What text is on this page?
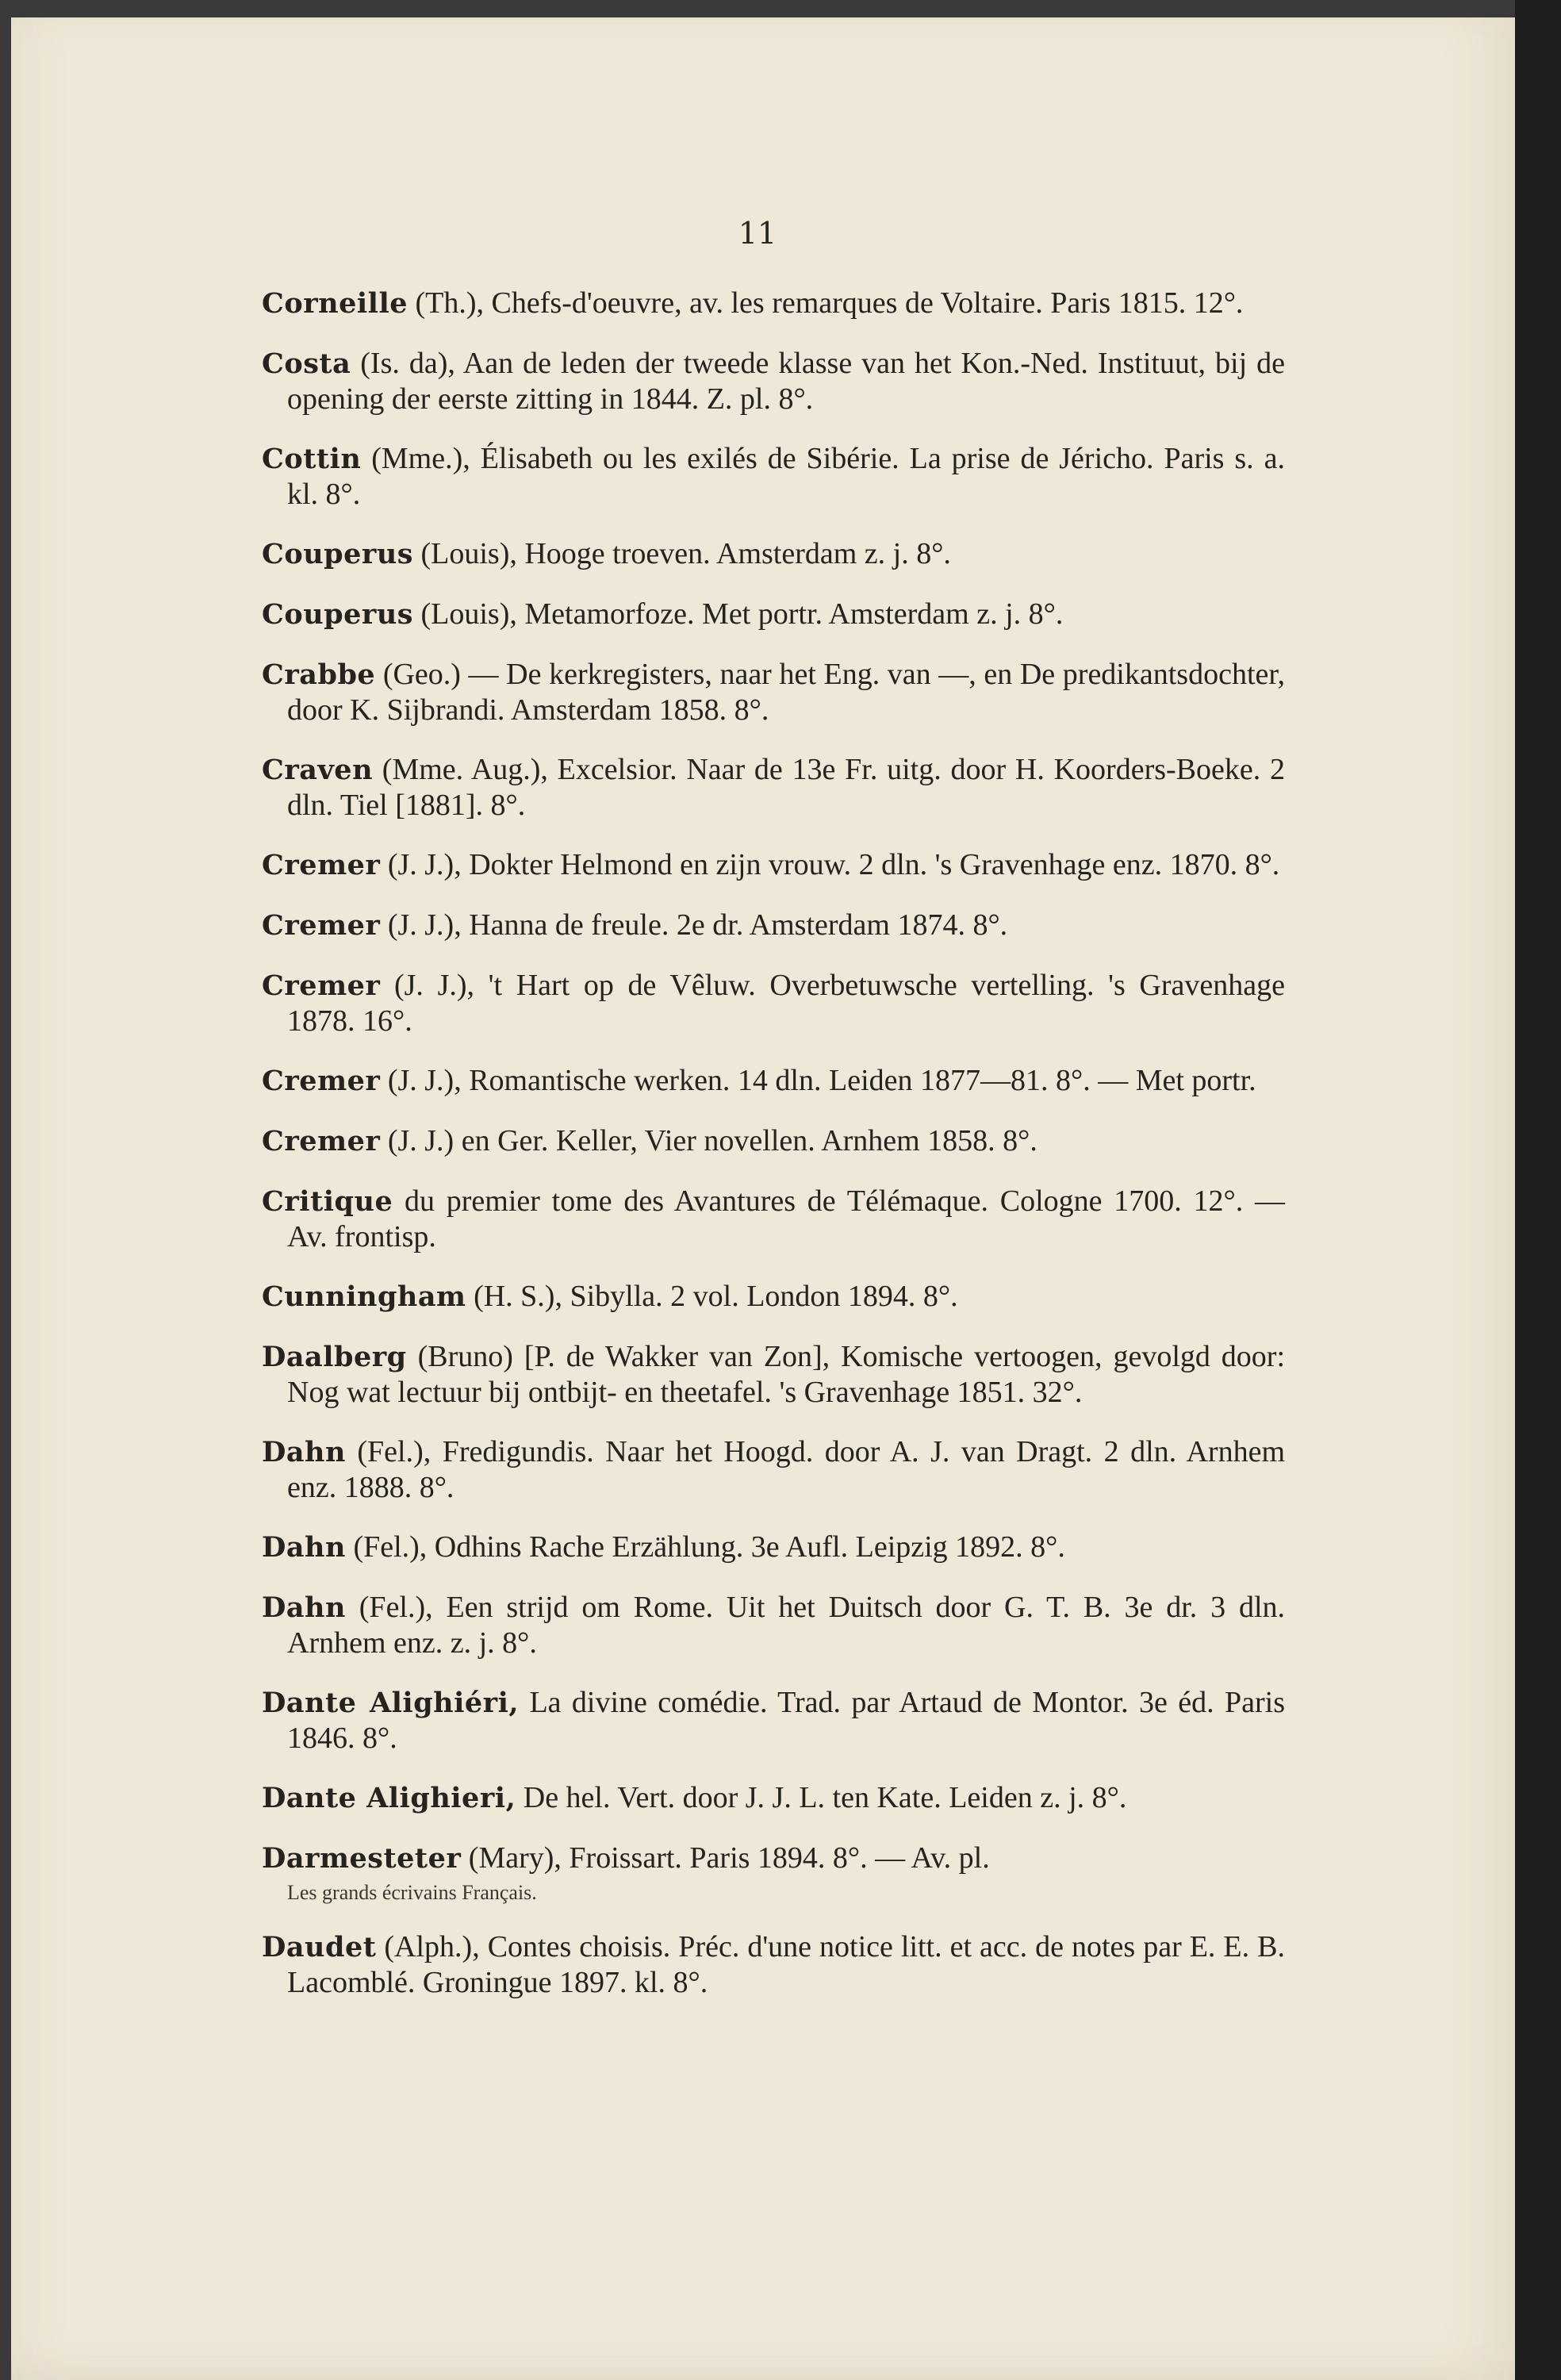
11
Corneille (Th.), Chefs-d'oeuvre, av. les remarques de Voltaire. Paris 1815. 12°.
Costa (Is. da), Aan de leden der tweede klasse van het Kon.-Ned. Instituut, bij de opening der eerste zitting in 1844. Z. pl. 8°.
Cottin (Mme.), Élisabeth ou les exilés de Sibérie. La prise de Jéricho. Paris s. a. kl. 8°.
Couperus (Louis), Hooge troeven. Amsterdam z. j. 8°.
Couperus (Louis), Metamorfoze. Met portr. Amsterdam z. j. 8°.
Crabbe (Geo.) — De kerkregisters, naar het Eng. van —, en De predikantsdochter, door K. Sijbrandi. Amsterdam 1858. 8°.
Craven (Mme. Aug.), Excelsior. Naar de 13e Fr. uitg. door H. Koorders-Boeke. 2 dln. Tiel [1881]. 8°.
Cremer (J. J.), Dokter Helmond en zijn vrouw. 2 dln. 's Gravenhage enz. 1870. 8°.
Cremer (J. J.), Hanna de freule. 2e dr. Amsterdam 1874. 8°.
Cremer (J. J.), 't Hart op de Vêluw. Overbetuwsche vertelling. 's Gravenhage 1878. 16°.
Cremer (J. J.), Romantische werken. 14 dln. Leiden 1877—81. 8°. — Met portr.
Cremer (J. J.) en Ger. Keller, Vier novellen. Arnhem 1858. 8°.
Critique du premier tome des Avantures de Télémaque. Cologne 1700. 12°. — Av. frontisp.
Cunningham (H. S.), Sibylla. 2 vol. London 1894. 8°.
Daalberg (Bruno) [P. de Wakker van Zon], Komische vertoogen, gevolgd door: Nog wat lectuur bij ontbijt- en theetafel. 's Gravenhage 1851. 32°.
Dahn (Fel.), Fredigundis. Naar het Hoogd. door A. J. van Dragt. 2 dln. Arnhem enz. 1888. 8°.
Dahn (Fel.), Odhins Rache Erzählung. 3e Aufl. Leipzig 1892. 8°.
Dahn (Fel.), Een strijd om Rome. Uit het Duitsch door G. T. B. 3e dr. 3 dln. Arnhem enz. z. j. 8°.
Dante Alighiéri, La divine comédie. Trad. par Artaud de Montor. 3e éd. Paris 1846. 8°.
Dante Alighieri, De hel. Vert. door J. J. L. ten Kate. Leiden z. j. 8°.
Darmesteter (Mary), Froissart. Paris 1894. 8°. — Av. pl.
Les grands écrivains Français.
Daudet (Alph.), Contes choisis. Préc. d'une notice litt. et acc. de notes par E. E. B. Lacomblé. Groningue 1897. kl. 8°.
